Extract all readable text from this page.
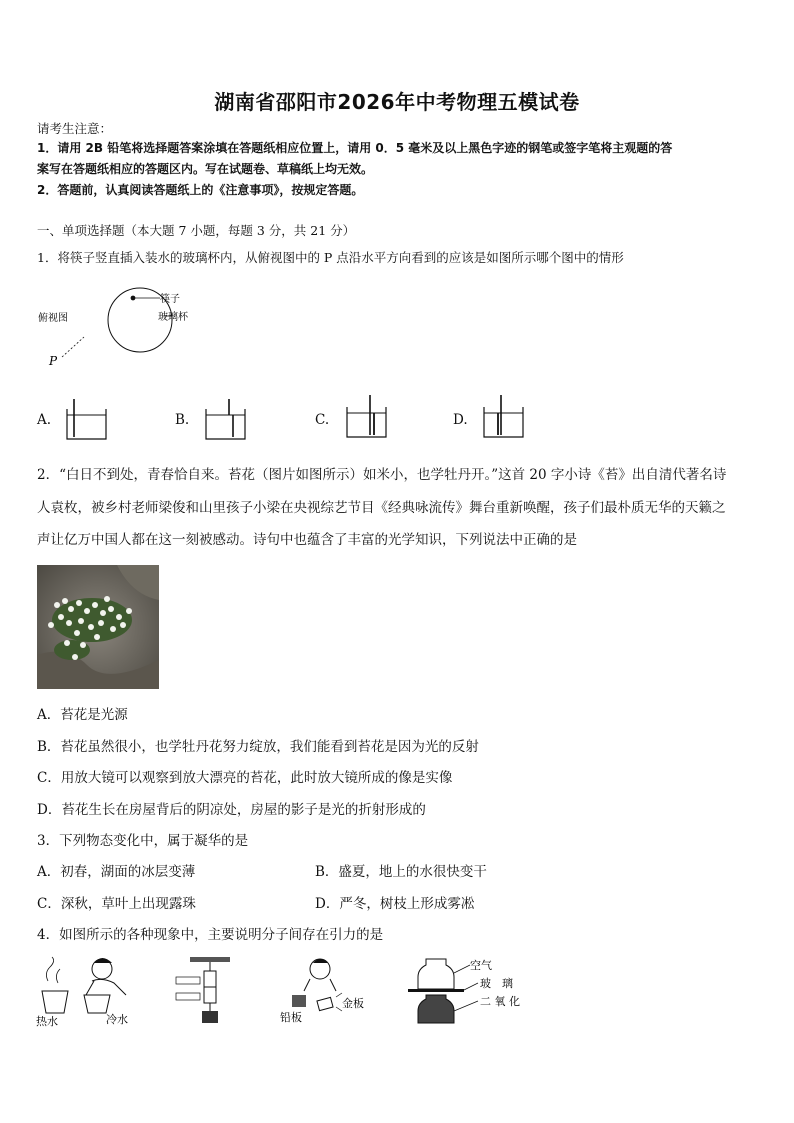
湖南省邵阳市2026年中考物理五模试卷
请考生注意：
1．请用 2B 铅笔将选择题答案涂填在答题纸相应位置上，请用 0．5 毫米及以上黑色字迹的钢笔或签字笔将主观题的答
案写在答题纸相应的答题区内。写在试题卷、草稿纸上均无效。
2．答题前，认真阅读答题纸上的《注意事项》，按规定答题。
一、单项选择题（本大题 7 小题，每题 3 分，共 21 分）
1．将筷子竖直插入装水的玻璃杯内，从俯视图中的 P 点沿水平方向看到的应该是如图所示哪个图中的情形
俯视图
筷子
玻璃杯
P
A.	B.	C.	D.
2．“白日不到处，青春恰自来。苔花（图片如图所示）如米小，也学牡丹开。”这首 20 字小诗《苔》出自清代著名诗
人袁枚，被乡村老师梁俊和山里孩子小梁在央视综艺节目《经典咏流传》舞台重新唤醒，孩子们最朴质无华的天籁之
声让亿万中国人都在这一刻被感动。诗句中也蕴含了丰富的光学知识，下列说法中正确的是
A．苔花是光源
B．苔花虽然很小，也学牡丹花努力绽放，我们能看到苔花是因为光的反射
C．用放大镜可以观察到放大漂亮的苔花，此时放大镜所成的像是实像
D．苔花生长在房屋背后的阴凉处，房屋的影子是光的折射形成的
3．下列物态变化中，属于凝华的是
A．初春，湖面的冰层变薄	B．盛夏，地上的水很快变干
C．深秋，草叶上出现露珠	D．严冬，树枝上形成雾凇
4．如图所示的各种现象中，主要说明分子间存在引力的是
热水	冷水
金板
铅板
空气
玻　璃
二 氧 化
